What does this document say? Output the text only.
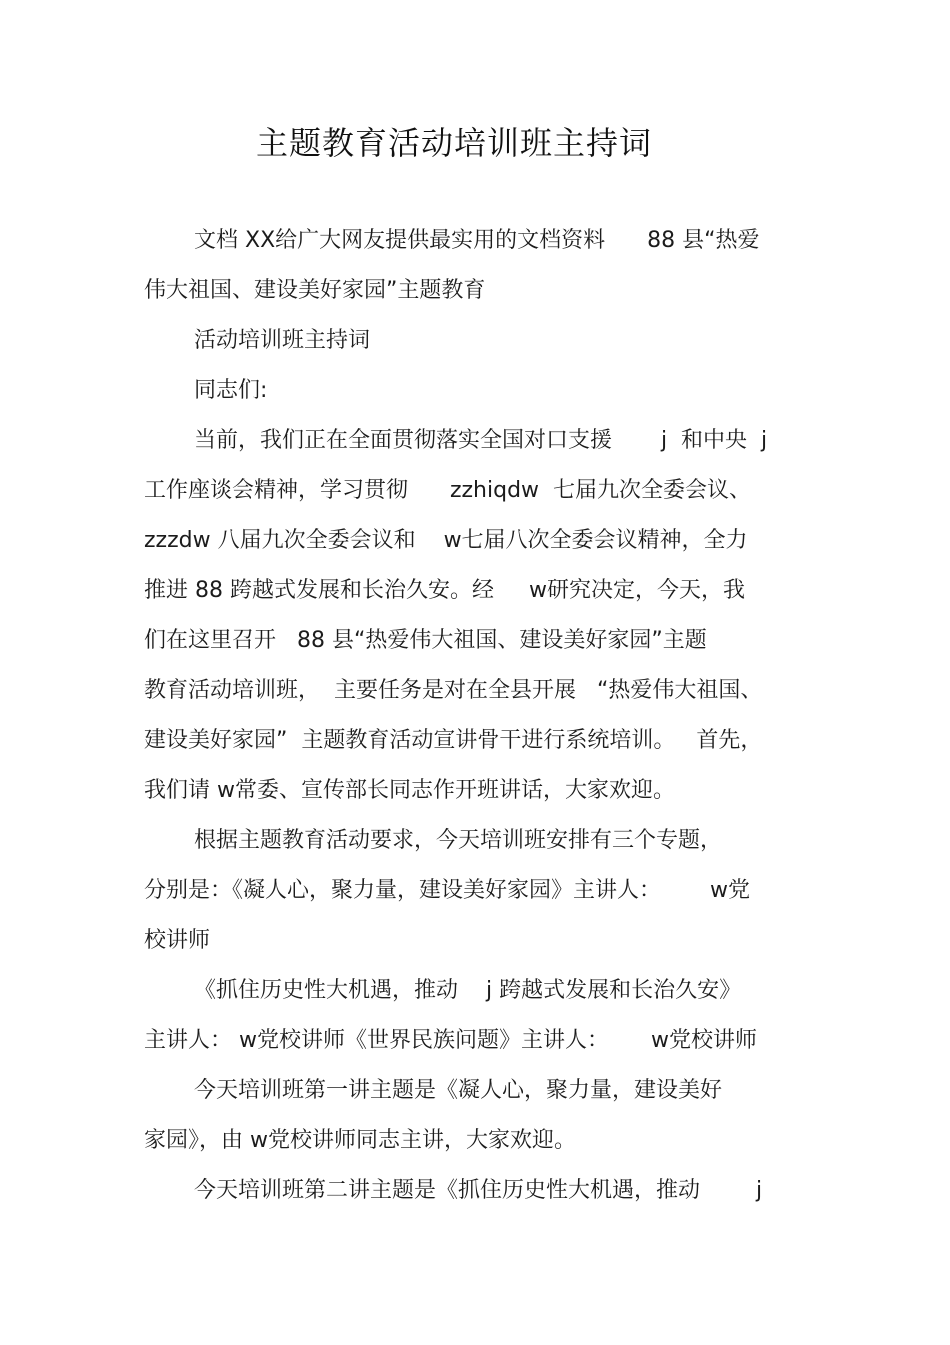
主题教育活动培训班主持词
文档 XX给广大网友提供最实用的文档资料      88 县“热爱
伟大祖国、建设美好家园”主题教育
活动培训班主持词
同志们:
当前，我们正在全面贯彻落实全国对口支援       j  和中央  j
工作座谈会精神，学习贯彻      zzhiqdw  七届九次全委会议、
zzzdw 八届九次全委会议和    w七届八次全委会议精神，全力
推进 88 跨越式发展和长治久安。经     w研究决定，今天，我
们在这里召开   88 县“热爱伟大祖国、建设美好家园”主题
教育活动培训班，  主要任务是对在全县开展   “热爱伟大祖国、
建设美好家园”  主题教育活动宣讲骨干进行系统培训。   首先，
我们请 w常委、宣传部长同志作开班讲话，大家欢迎。
根据主题教育活动要求，今天培训班安排有三个专题，
分别是：《凝人心，聚力量，建设美好家园》主讲人：       w党
校讲师
《抓住历史性大机遇，推动    j 跨越式发展和长治久安》
主讲人： w党校讲师《世界民族问题》主讲人：      w党校讲师
今天培训班第一讲主题是《凝人心，聚力量，建设美好
家园》，由 w党校讲师同志主讲，大家欢迎。
今天培训班第二讲主题是《抓住历史性大机遇，推动        j
